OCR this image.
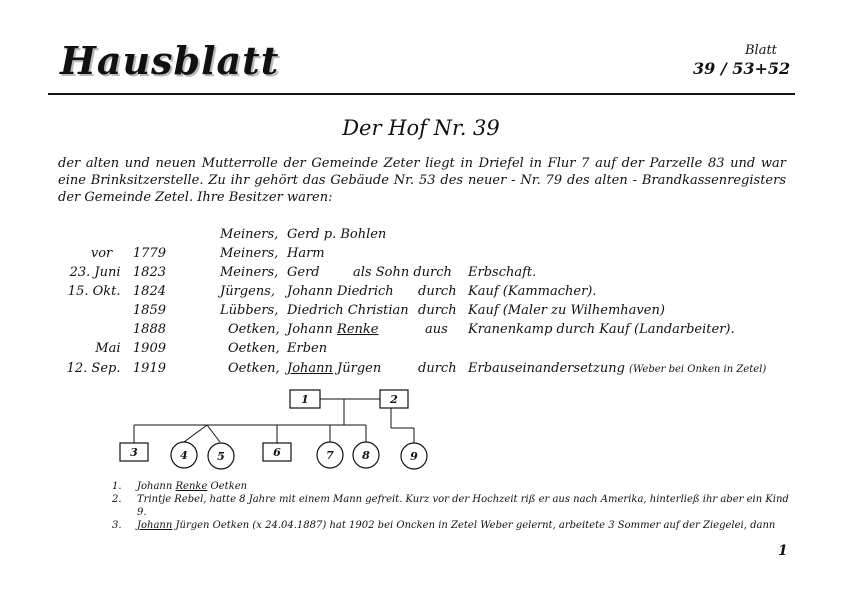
Hausblatt	Blatt
39 / 53+52
Der Hof Nr. 39
der alten und neuen Mutterrolle der Gemeinde Zeter liegt in Driefel in Flur 7 auf der Parzelle 83 und war eine Brinksitzerstelle. Zu ihr gehört das Gebäude Nr. 53 des neuer - Nr. 79 des alten - Brandkassenregisters der Gemeinde Zetel. Ihre Besitzer waren:
Meiners, Gerd p. Bohlen
vor 1779	Meiners, Harm
23. Juni 1823	Meiners, Gerd	als Sohn durch	Erbschaft.
15. Okt. 1824	Jürgens, Johann Diedrich durch Kauf (Kammacher).
1859	Lübbers, Diedrich Christian durch Kauf (Maler zu Wilhemhaven)
1888	Oetken, Johann Renke	aus	Kranenkamp durch Kauf (Landarbeiter).
Mai 1909	Oetken, Erben
12. Sep. 1919	Oetken, Johann Jürgen	durch Erbauseinandersetzung (Weber bei Onken in Zetel)
1	2
3	4	5	6	7	8	9
1. Johann Renke Oetken
2. Trintje Rebel, hatte 8 Jahre mit einem Mann gefreit. Kurz vor der Hochzeit riß er aus nach Amerika, hinterließ ihr aber ein Kind 9.
3. Johann Jürgen Oetken (x 24.04.1887) hat 1902 bei Oncken in Zetel Weber gelernt, arbeitete 3 Sommer auf der Ziegelei, dann
1
